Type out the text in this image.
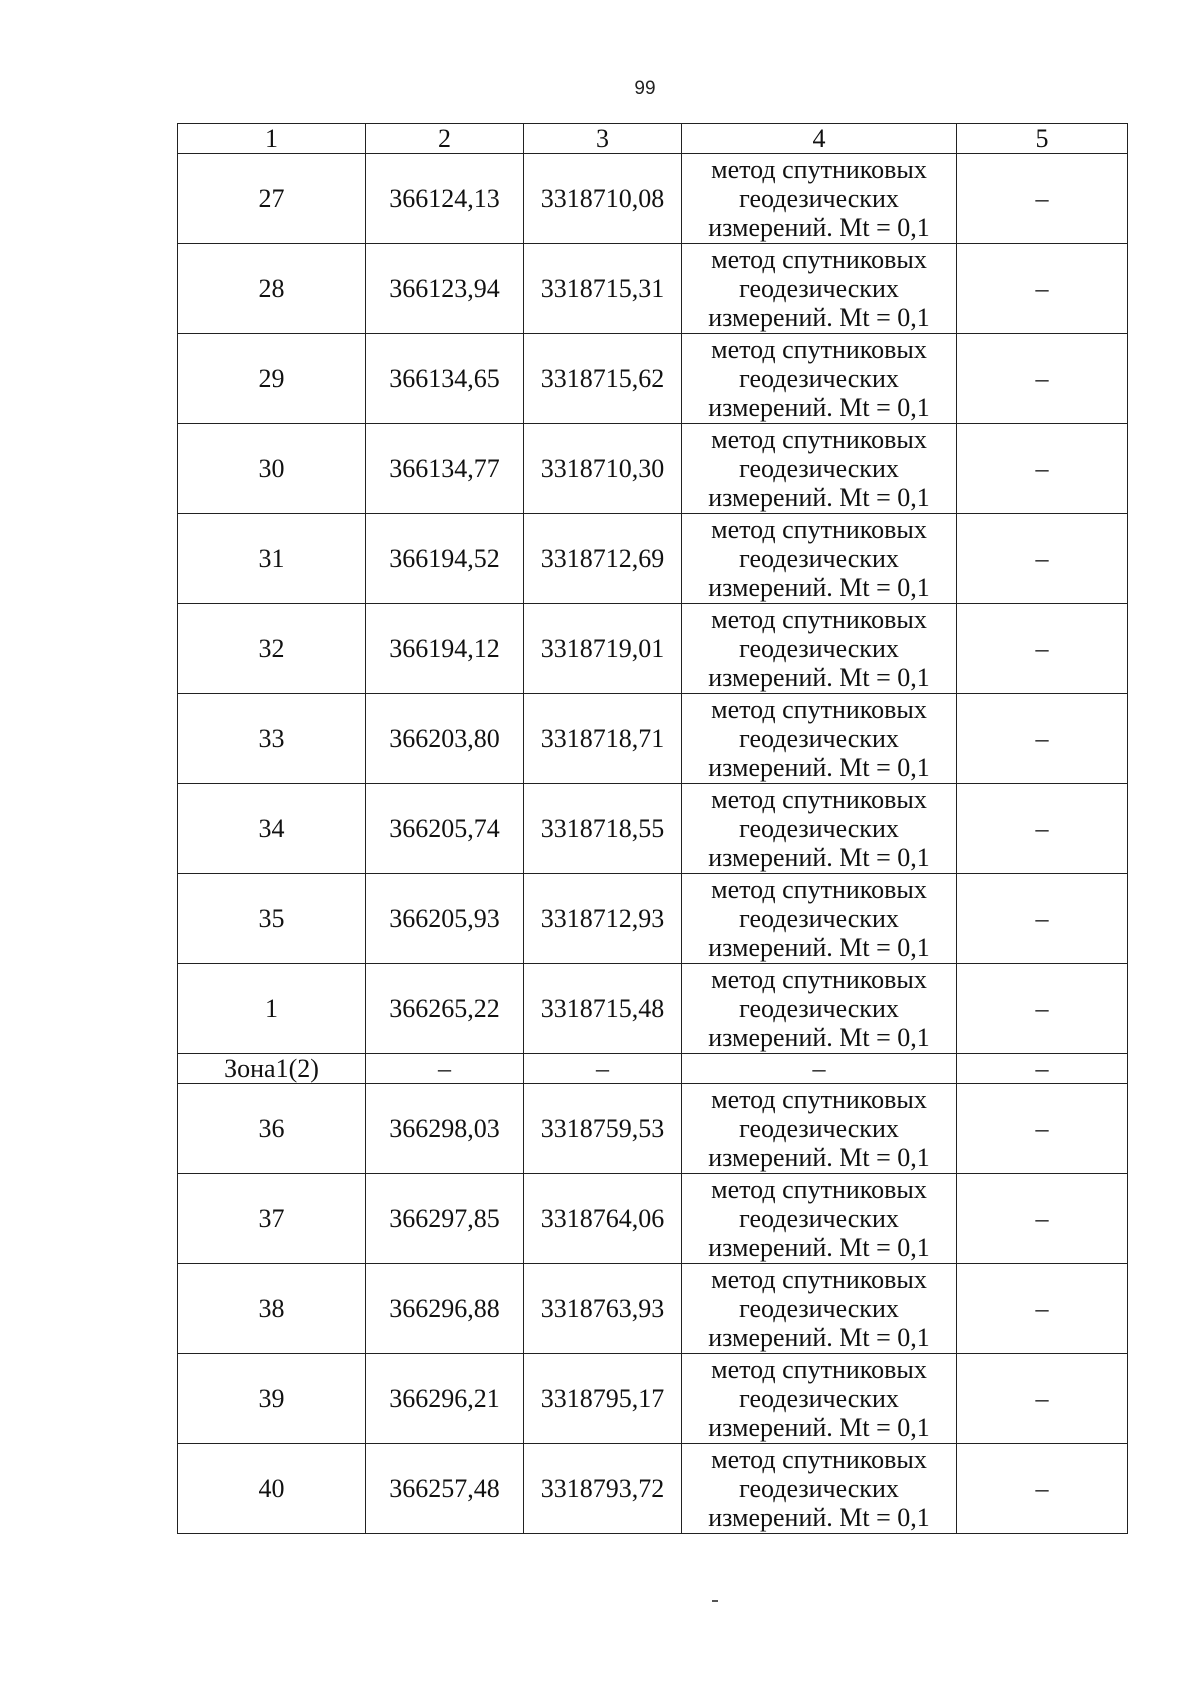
99
1	2	3	4	5
27	366124,13	3318710,08	метод спутниковых геодезических измерений. Mt = 0,1	–
28	366123,94	3318715,31	метод спутниковых геодезических измерений. Mt = 0,1	–
29	366134,65	3318715,62	метод спутниковых геодезических измерений. Mt = 0,1	–
30	366134,77	3318710,30	метод спутниковых геодезических измерений. Mt = 0,1	–
31	366194,52	3318712,69	метод спутниковых геодезических измерений. Mt = 0,1	–
32	366194,12	3318719,01	метод спутниковых геодезических измерений. Mt = 0,1	–
33	366203,80	3318718,71	метод спутниковых геодезических измерений. Mt = 0,1	–
34	366205,74	3318718,55	метод спутниковых геодезических измерений. Mt = 0,1	–
35	366205,93	3318712,93	метод спутниковых геодезических измерений. Mt = 0,1	–
1	366265,22	3318715,48	метод спутниковых геодезических измерений. Mt = 0,1	–
Зона1(2)	–	–	–	–
36	366298,03	3318759,53	метод спутниковых геодезических измерений. Mt = 0,1	–
37	366297,85	3318764,06	метод спутниковых геодезических измерений. Mt = 0,1	–
38	366296,88	3318763,93	метод спутниковых геодезических измерений. Mt = 0,1	–
39	366296,21	3318795,17	метод спутниковых геодезических измерений. Mt = 0,1	–
40	366257,48	3318793,72	метод спутниковых геодезических измерений. Mt = 0,1	–
